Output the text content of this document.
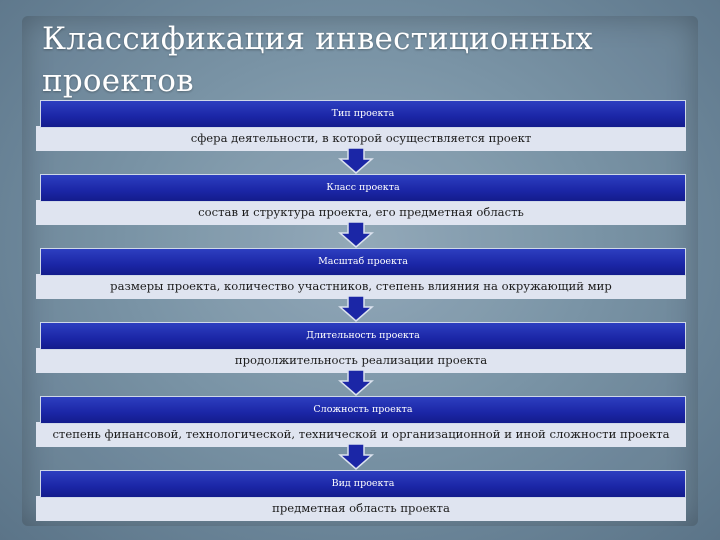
Классификация инвестиционных проектов
Тип проекта
сфера деятельности, в которой осуществляется проект
Класс проекта
состав и структура проекта, его предметная область
Масштаб проекта
размеры проекта, количество участников, степень влияния на окружающий мир
Длительность проекта
продолжительность реализации проекта
Сложность проекта
степень финансовой, технологической, технической и организационной и иной сложности проекта
Вид проекта
предметная область проекта
